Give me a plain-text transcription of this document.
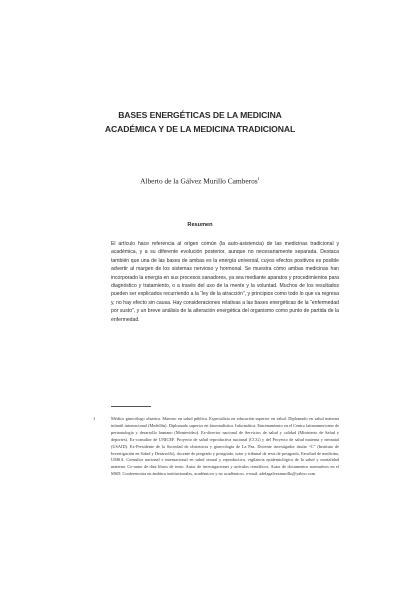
BASES ENERGÉTICAS DE LA MEDICINA
ACADÉMICA Y DE LA MEDICINA TRADICIONAL
Alberto de la Gálvez Murillo Camberos$^1$
Resumen

El artículo hace referencia al origen común (la auto-asistencia) de las medicinas tradicional y académica, y a su diferente evolución posterior, aunque no necesariamente separada. Destaca también que una de las bases de ambas es la energía universal, cuyos efectos positivos es posible advertir al margen de los sistemas nervioso y hormonal. Se muestra cómo ambas medicinas han incorporado la energía en sus procesos sanadores, ya sea mediante aparatos y procedimientos para diagnóstico y tratamiento, o a través del uso de la mente y la voluntad. Muchos de los resultados pueden ser explicados recurriendo a la “ley de la atracción”, y principios como todo lo que va regresa y, no hay efecto sin causa. Hay consideraciones relativas a las bases energéticas de la “enfermedad por susto”, y un breve análisis de la alteración energética del organismo como punto de partida de la enfermedad.

1	Médico ginecólogo obstetra. Maestro en salud pública. Especialista en educación superior en salud. Diplomado en salud materna infantil internacional (Medellín). Diplomado superior en bioestadística. Informática. Entrenamiento en el Centro latinoamericano de perinatología y desarrollo humano (Montevideo). Ex-director nacional de Servicios de salud y calidad (Ministerio de Salud y deportes). Ex-consultor de UNICEF. Proyecto de salud reproductiva nacional (CCG) y del Proyecto de salud materna y neonatal (USAID). Ex-Presidente de la Sociedad de obstetricia y ginecología de La Paz. Docente investigador titular “C” (Instituto de Investigación en Salud y Desarrollo), docente de pregrado y postgrado, tutor y tribunal de tesis de postgrado, Facultad de medicina, UMSA. Consultor nacional e internacional en salud sexual y reproductiva, vigilancia epidemiológica de la salud y mortalidad materna. Co-autor de diez libros de texto. Autor de investigaciones y artículos científicos. Autor de documentos normativos en el MSD. Conferencista en ámbitos institucionales, académicos y no académicos. e-mail: adelagalvezmurillo@yahoo.com
